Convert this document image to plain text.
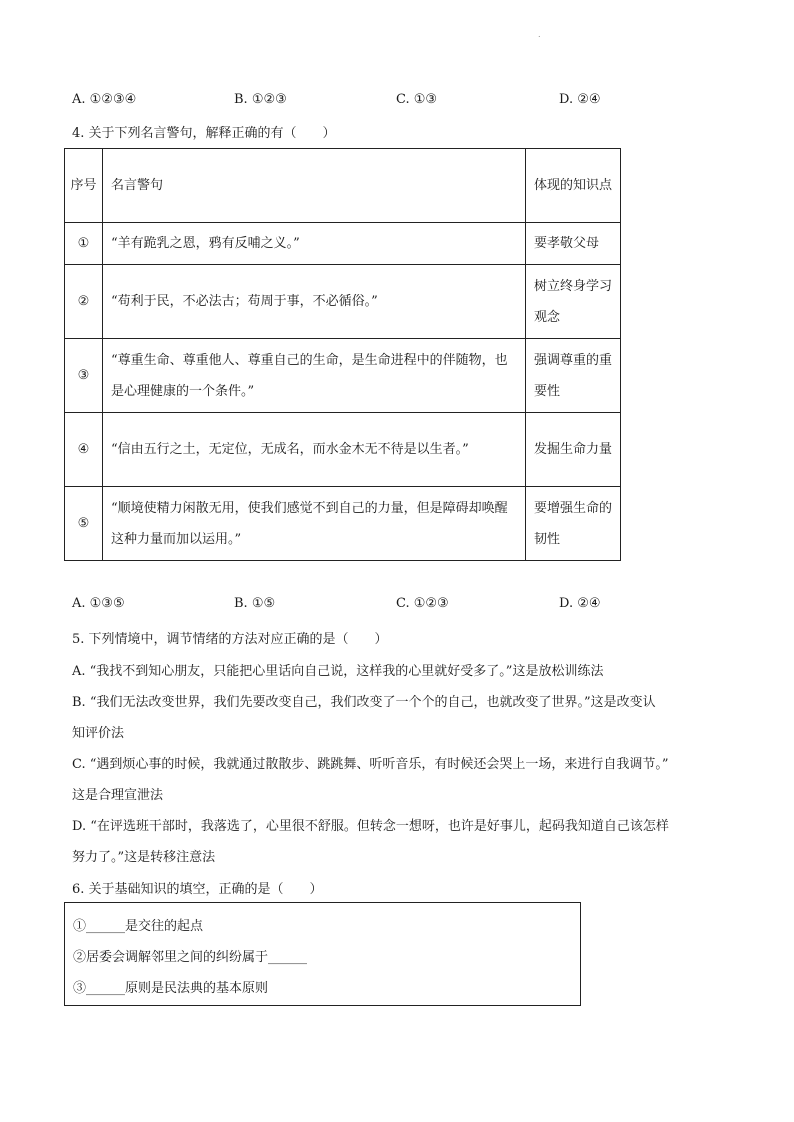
.
A. ①②③④	B. ①②③	C. ①③	D. ②④
4. 关于下列名言警句，解释正确的有（　　）
序号	名言警句	体现的知识点
①	“羊有跪乳之恩，鸦有反哺之义。”	要孝敬父母
②	“苟利于民，不必法古；苟周于事，不必循俗。”	树立终身学习观念
③	“尊重生命、尊重他人、尊重自己的生命，是生命进程中的伴随物，也是心理健康的一个条件。”	强调尊重的重要性
④	“信由五行之土，无定位，无成名，而水金木无不待是以生者。”	发掘生命力量
⑤	“顺境使精力闲散无用，使我们感觉不到自己的力量，但是障碍却唤醒这种力量而加以运用。”	要增强生命的韧性
A. ①③⑤	B. ①⑤	C. ①②③	D. ②④
5. 下列情境中，调节情绪的方法对应正确的是（　　）
A. “我找不到知心朋友，只能把心里话向自己说，这样我的心里就好受多了。”这是放松训练法
B. “我们无法改变世界，我们先要改变自己，我们改变了一个个的自己，也就改变了世界。”这是改变认
知评价法
C. “遇到烦心事的时候，我就通过散散步、跳跳舞、听听音乐，有时候还会哭上一场，来进行自我调节。”
这是合理宣泄法
D. “在评选班干部时，我落选了，心里很不舒服。但转念一想呀，也许是好事儿，起码我知道自己该怎样
努力了。”这是转移注意法
6. 关于基础知识的填空，正确的是（　　）
①______是交往的起点
②居委会调解邻里之间的纠纷属于______
③______原则是民法典的基本原则
